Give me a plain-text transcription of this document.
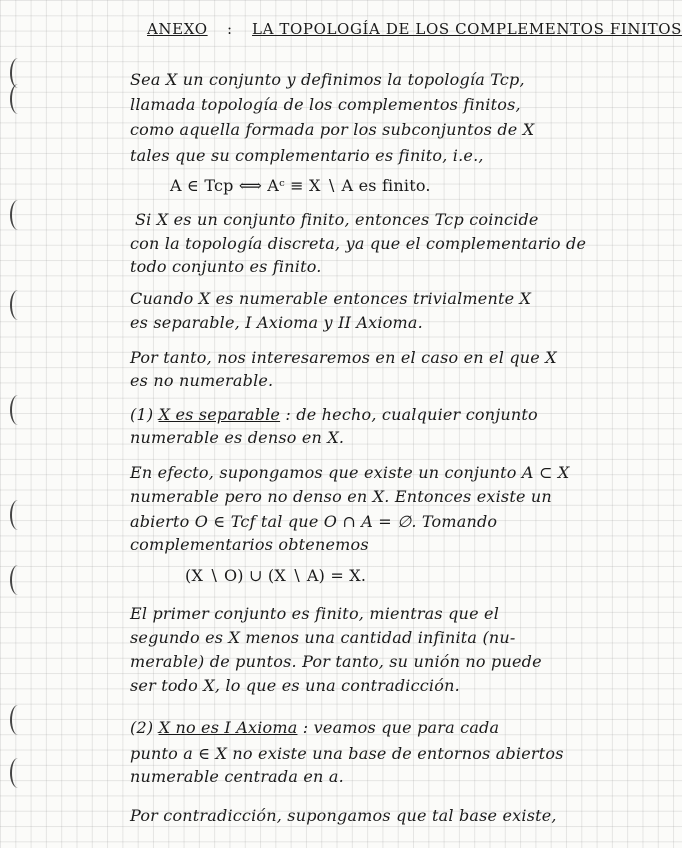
ANEXO : LA TOPOLOGÍA DE LOS COMPLEMENTOS FINITOS
Sea X un conjunto y definimos la topología Tcp,
llamada topología de los complementos finitos,
como aquella formada por los subconjuntos de X
tales que su complementario es finito, i.e.,
A ∈ Tcp ⟺ Aᶜ ≡ X ∖ A es finito.
Si X es un conjunto finito, entonces Tcp coincide
con la topología discreta, ya que el complementario de
todo conjunto es finito.
Cuando X es numerable entonces trivialmente X
es separable, I Axioma y II Axioma.
Por tanto, nos interesaremos en el caso en el que X
es no numerable.
(1) X es separable : de hecho, cualquier conjunto
numerable es denso en X.
En efecto, supongamos que existe un conjunto A ⊂ X
numerable pero no denso en X. Entonces existe un
abierto O ∈ Tcf tal que O ∩ A = ∅. Tomando
complementarios obtenemos
(X ∖ O) ∪ (X ∖ A) = X.
El primer conjunto es finito, mientras que el
segundo es X menos una cantidad infinita (nu-
merable) de puntos. Por tanto, su unión no puede
ser todo X, lo que es una contradicción.
(2) X no es I Axioma : veamos que para cada
punto a ∈ X no existe una base de entornos abiertos
numerable centrada en a.
Por contradicción, supongamos que tal base existe,
